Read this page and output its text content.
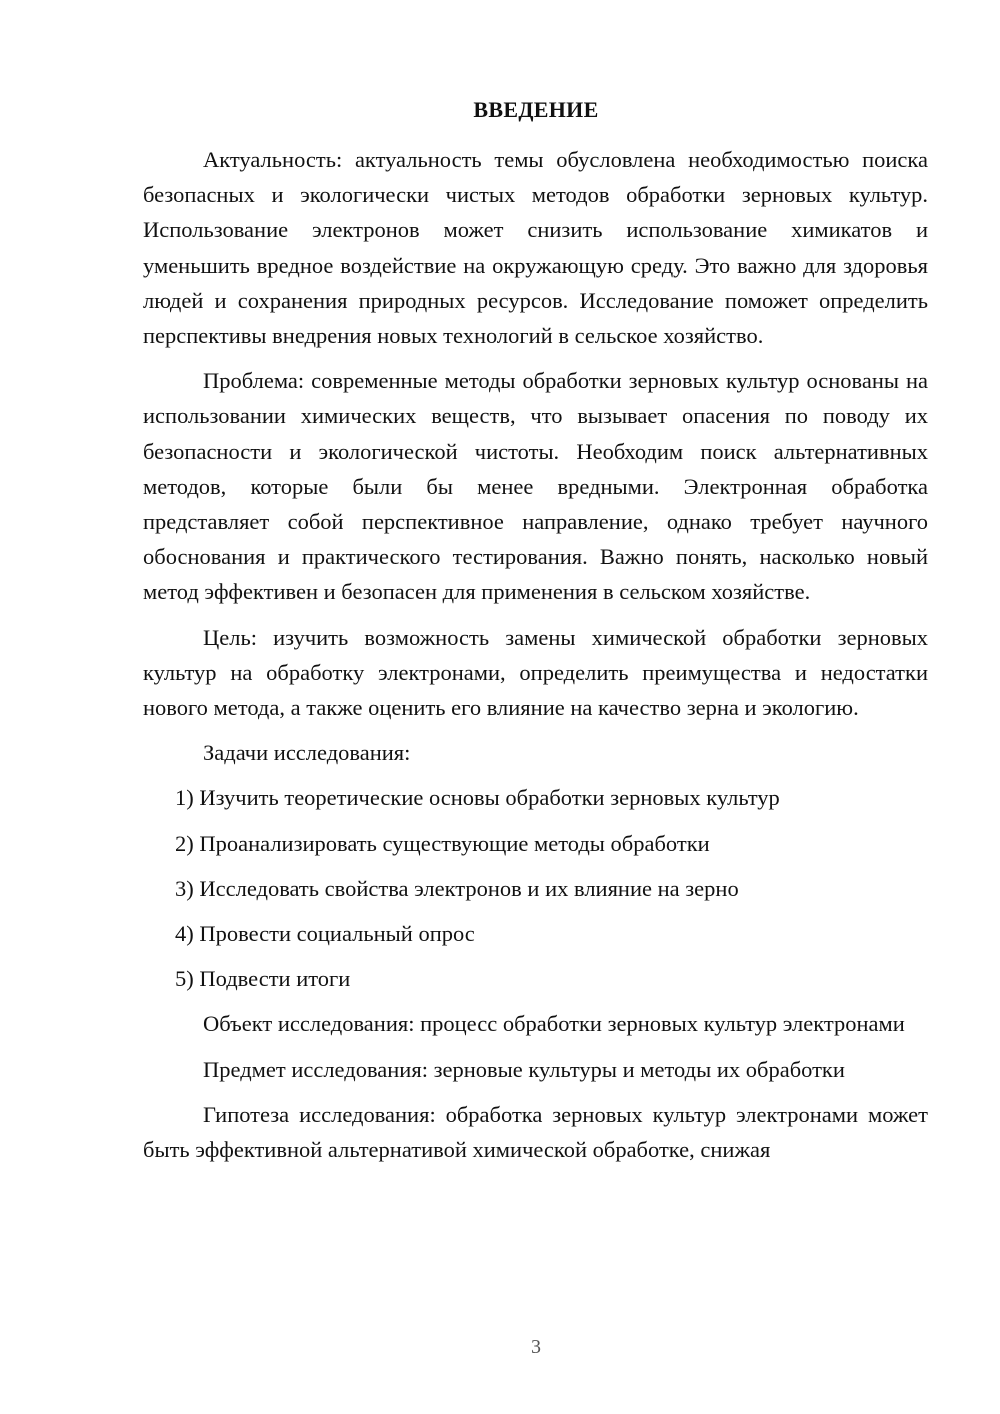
ВВЕДЕНИЕ

Актуальность: актуальность темы обусловлена необходимостью поиска безопасных и экологически чистых методов обработки зерновых культур. Использование электронов может снизить использование химикатов и уменьшить вредное воздействие на окружающую среду. Это важно для здоровья людей и сохранения природных ресурсов. Исследование поможет определить перспективы внедрения новых технологий в сельское хозяйство.

Проблема: современные методы обработки зерновых культур основаны на использовании химических веществ, что вызывает опасения по поводу их безопасности и экологической чистоты. Необходим поиск альтернативных методов, которые были бы менее вредными. Электронная обработка представляет собой перспективное направление, однако требует научного обоснования и практического тестирования. Важно понять, насколько новый метод эффективен и безопасен для применения в сельском хозяйстве.

Цель: изучить возможность замены химической обработки зерновых культур на обработку электронами, определить преимущества и недостатки нового метода, а также оценить его влияние на качество зерна и экологию.

Задачи исследования:

1) Изучить теоретические основы обработки зерновых культур

2) Проанализировать существующие методы обработки

3) Исследовать свойства электронов и их влияние на зерно

4) Провести социальный опрос

5) Подвести итоги

Объект исследования: процесс обработки зерновых культур электронами

Предмет исследования: зерновые культуры и методы их обработки

Гипотеза исследования: обработка зерновых культур электронами может быть эффективной альтернативой химической обработке, снижая

3
